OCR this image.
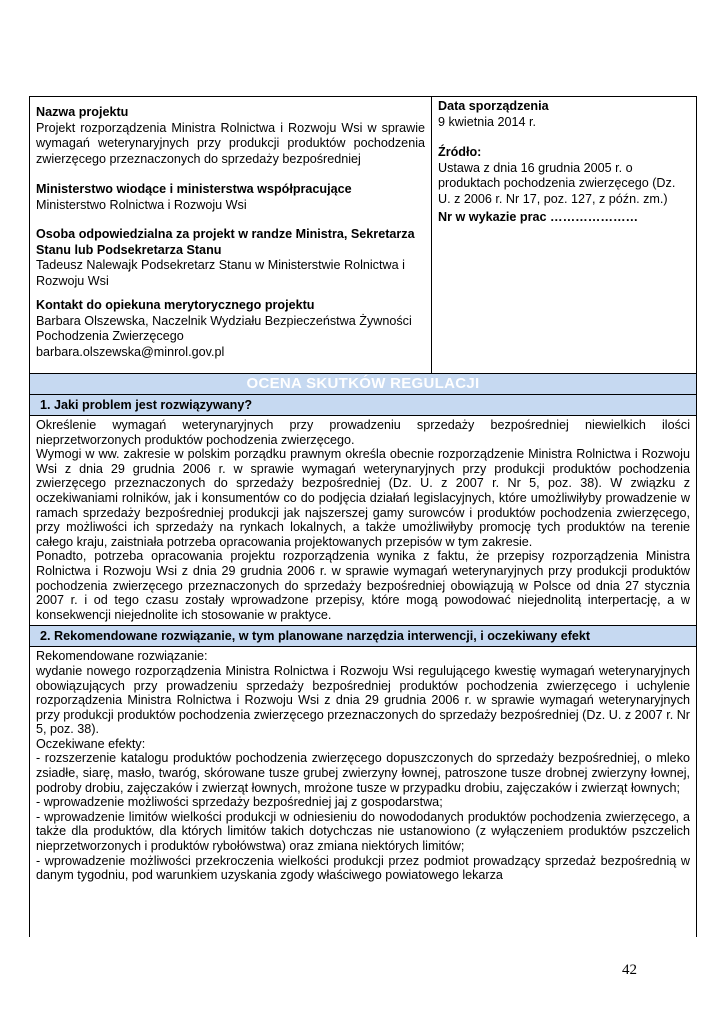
Nazwa projektu
Projekt rozporządzenia Ministra Rolnictwa i Rozwoju Wsi w sprawie wymagań weterynaryjnych przy produkcji produktów pochodzenia zwierzęcego przeznaczonych do sprzedaży bezpośredniej
Ministerstwo wiodące i ministerstwa współpracujące
Ministerstwo Rolnictwa i Rozwoju Wsi
Osoba odpowiedzialna za projekt w randze Ministra, Sekretarza Stanu lub Podsekretarza Stanu
Tadeusz Nalewajk Podsekretarz Stanu w Ministerstwie Rolnictwa i Rozwoju Wsi
Kontakt do opiekuna merytorycznego projektu
Barbara Olszewska, Naczelnik Wydziału Bezpieczeństwa Żywności Pochodzenia Zwierzęcego
barbara.olszewska@minrol.gov.pl
Data sporządzenia
9 kwietnia 2014 r.
Źródło:
Ustawa z dnia 16 grudnia 2005 r. o produktach pochodzenia zwierzęcego (Dz. U. z 2006 r. Nr 17, poz. 127, z późn. zm.)
Nr w wykazie prac …………………
OCENA SKUTKÓW REGULACJI
1. Jaki problem jest rozwiązywany?

Określenie wymagań weterynaryjnych przy prowadzeniu sprzedaży bezpośredniej niewielkich ilości nieprzetworzonych produktów pochodzenia zwierzęcego.

Wymogi w ww. zakresie w polskim porządku prawnym określa obecnie rozporządzenie Ministra Rolnictwa i Rozwoju Wsi z dnia 29 grudnia 2006 r. w sprawie wymagań weterynaryjnych przy produkcji produktów pochodzenia zwierzęcego przeznaczonych do sprzedaży bezpośredniej (Dz. U. z 2007 r. Nr 5, poz. 38). W związku z oczekiwaniami rolników, jak i konsumentów co do podjęcia działań legislacyjnych, które umożliwiłyby prowadzenie w ramach sprzedaży bezpośredniej produkcji jak najszerszej gamy surowców i produktów pochodzenia zwierzęcego, przy możliwości ich sprzedaży na rynkach lokalnych, a także umożliwiłyby promocję tych produktów na terenie całego kraju, zaistniała potrzeba opracowania projektowanych przepisów w tym zakresie.

Ponadto, potrzeba opracowania projektu rozporządzenia wynika z faktu, że przepisy rozporządzenia Ministra Rolnictwa i Rozwoju Wsi z dnia 29 grudnia 2006 r. w sprawie wymagań weterynaryjnych przy produkcji produktów pochodzenia zwierzęcego przeznaczonych do sprzedaży bezpośredniej obowiązują w Polsce od dnia 27 stycznia 2007 r. i od tego czasu zostały wprowadzone przepisy, które mogą powodować niejednolitą interpertację, a w konsekwencji niejednolite ich stosowanie w praktyce.

2. Rekomendowane rozwiązanie, w tym planowane narzędzia interwencji, i oczekiwany efekt

Rekomendowane rozwiązanie:

wydanie nowego rozporządzenia Ministra Rolnictwa i Rozwoju Wsi regulującego kwestię wymagań weterynaryjnych obowiązujących przy prowadzeniu sprzedaży bezpośredniej produktów pochodzenia zwierzęcego i uchylenie rozporządzenia Ministra Rolnictwa i Rozwoju Wsi z dnia 29 grudnia 2006 r. w sprawie wymagań weterynaryjnych przy produkcji produktów pochodzenia zwierzęcego przeznaczonych do sprzedaży bezpośredniej (Dz. U. z 2007 r. Nr 5, poz. 38).

Oczekiwane efekty:

- rozszerzenie katalogu produktów pochodzenia zwierzęcego dopuszczonych do sprzedaży bezpośredniej, o mleko zsiadłe, siarę, masło, twaróg, skórowane tusze grubej zwierzyny łownej, patroszone tusze drobnej zwierzyny łownej, podroby drobiu, zajęczaków i zwierząt łownych, mrożone tusze w przypadku drobiu, zajęczaków i zwierząt łownych;

- wprowadzenie możliwości sprzedaży bezpośredniej jaj z gospodarstwa;

- wprowadzenie limitów wielkości produkcji w odniesieniu do nowododanych produktów pochodzenia zwierzęcego, a także dla produktów, dla których limitów takich dotychczas nie ustanowiono (z wyłączeniem produktów pszczelich nieprzetworzonych i produktów rybołówstwa) oraz zmiana niektórych limitów;

- wprowadzenie możliwości przekroczenia wielkości produkcji przez podmiot prowadzący sprzedaż bezpośrednią w danym tygodniu, pod warunkiem uzyskania zgody właściwego powiatowego lekarza

42
